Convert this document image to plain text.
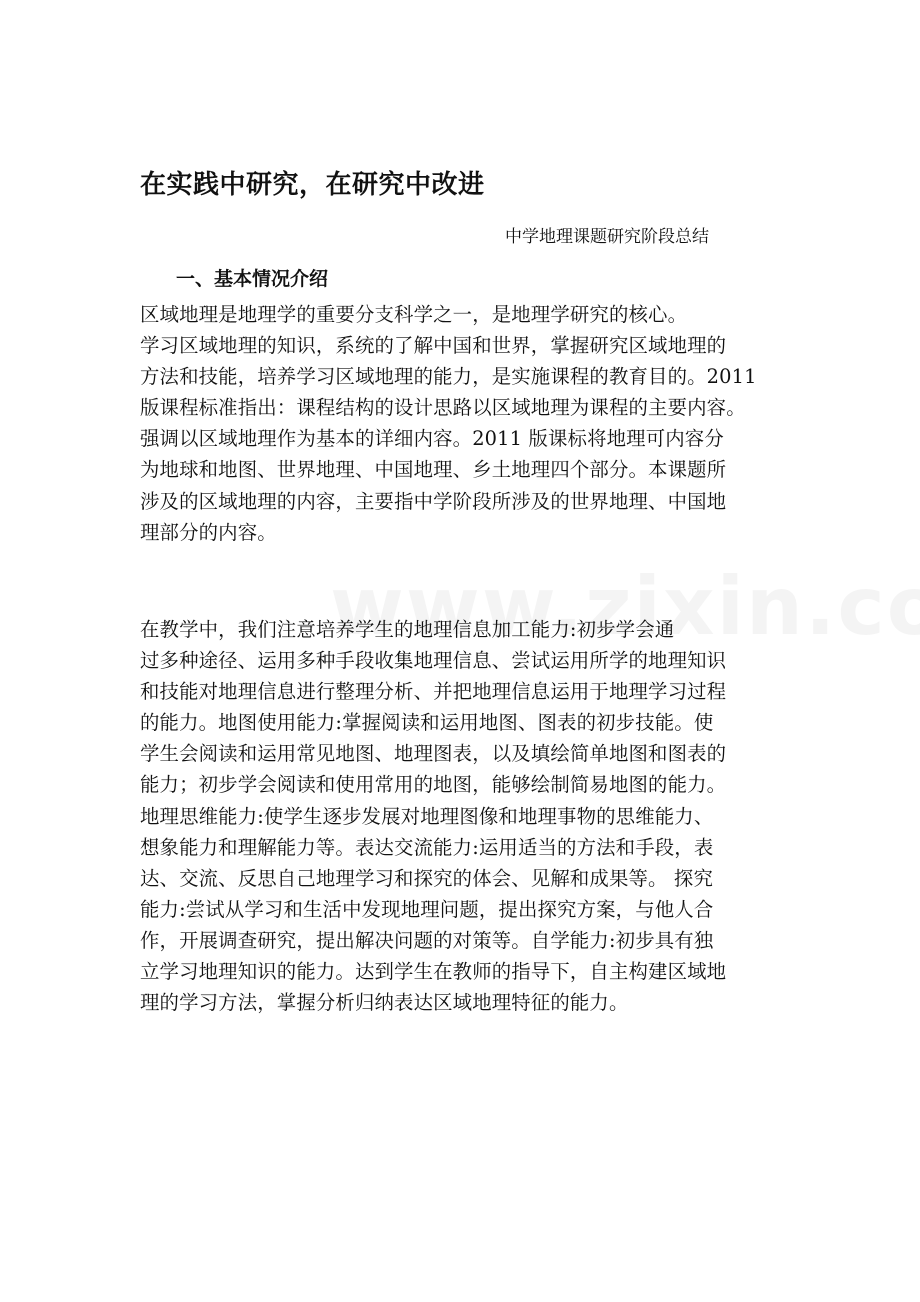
在实践中研究，在研究中改进
中学地理课题研究阶段总结
一、基本情况介绍
区域地理是地理学的重要分支科学之一，是地理学研究的核心。
学习区域地理的知识，系统的了解中国和世界，掌握研究区域地理的
方法和技能，培养学习区域地理的能力，是实施课程的教育目的。2011
版课程标准指出：课程结构的设计思路以区域地理为课程的主要内容。
强调以区域地理作为基本的详细内容。2011 版课标将地理可内容分
为地球和地图、世界地理、中国地理、乡土地理四个部分。本课题所
涉及的区域地理的内容，主要指中学阶段所涉及的世界地理、中国地
理部分的内容。
在教学中，我们注意培养学生的地理信息加工能力:初步学会通
过多种途径、运用多种手段收集地理信息、尝试运用所学的地理知识
和技能对地理信息进行整理分析、并把地理信息运用于地理学习过程
的能力。地图使用能力:掌握阅读和运用地图、图表的初步技能。使
学生会阅读和运用常见地图、地理图表，以及填绘简单地图和图表的
能力；初步学会阅读和使用常用的地图，能够绘制简易地图的能力。
地理思维能力:使学生逐步发展对地理图像和地理事物的思维能力、
想象能力和理解能力等。表达交流能力:运用适当的方法和手段，表
达、交流、反思自己地理学习和探究的体会、见解和成果等。 探究
能力:尝试从学习和生活中发现地理问题，提出探究方案，与他人合
作，开展调查研究，提出解决问题的对策等。自学能力:初步具有独
立学习地理知识的能力。达到学生在教师的指导下，自主构建区域地
理的学习方法，掌握分析归纳表达区域地理特征的能力。
